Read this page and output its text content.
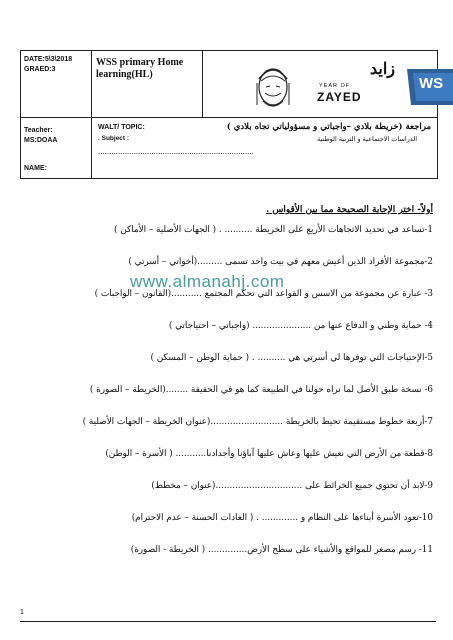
DATE:5\3\2018
GRAED:3
WSS primary Home
learning(HL)	زايد
YEAR OF
ZAYED
WS
Teacher:
MS:DOAA
NAME:
WALT/ TOPIC:	مراجعة (خريطة بلادي –واجباتي و مسؤولياتي تجاه بلادي )
. Subject :	الدراسات الاجتماعية و التربية الوطنية
......................................................................
أولاً- اختر الإجابة الصحيحة مما بين الأقواس .
1-تساعد في تحديد الاتجاهات الأربع على الخريطة .......... . ( الجهات الأصلية – الأماكن )
2-مجموعة الأفراد الذين أعيش معهم في بيت واحد تسمى .........(أخواتي – أسرتي )
3- عبارة عن مجموعة من الاسس و القواعد التي تحكم المجتمع ...........(القانون – الواجبات )
4- حماية وطني و الدفاع عنها من ..................... (واجباتي – احتياجاتي )
5-الإحتياجات التي توفرها لي أسرتي هي .......... . ( حماية الوطن – المسكن )
6- نسخة طبق الأصل لما نراه حولنا في الطبيعة كما هو في الحقيقة ........(الخريطة – الصورة )
7-أربعة خطوط مستقيمة تحيط بالخريطة ..........................(عنوان الخريطة – الجهات الأصلية )
8-قطعة من الأرض التي نعيش عليها وعاش عليها آباؤنا وأجدادنا........... ( الأسرة – الوطن)
9-لابد أن تحتوي جميع الخرائط على ...............................(عنوان – مخطط)
10-تعود الأسرة أبناءها على النظام و ............. . ( العادات الحسنة – عدم الاحترام)
11- رسم مصغر للمواقع والأشياء على سطح الأرض.............. ( الخريطة - الصورة)
www.almanahj.com
1
